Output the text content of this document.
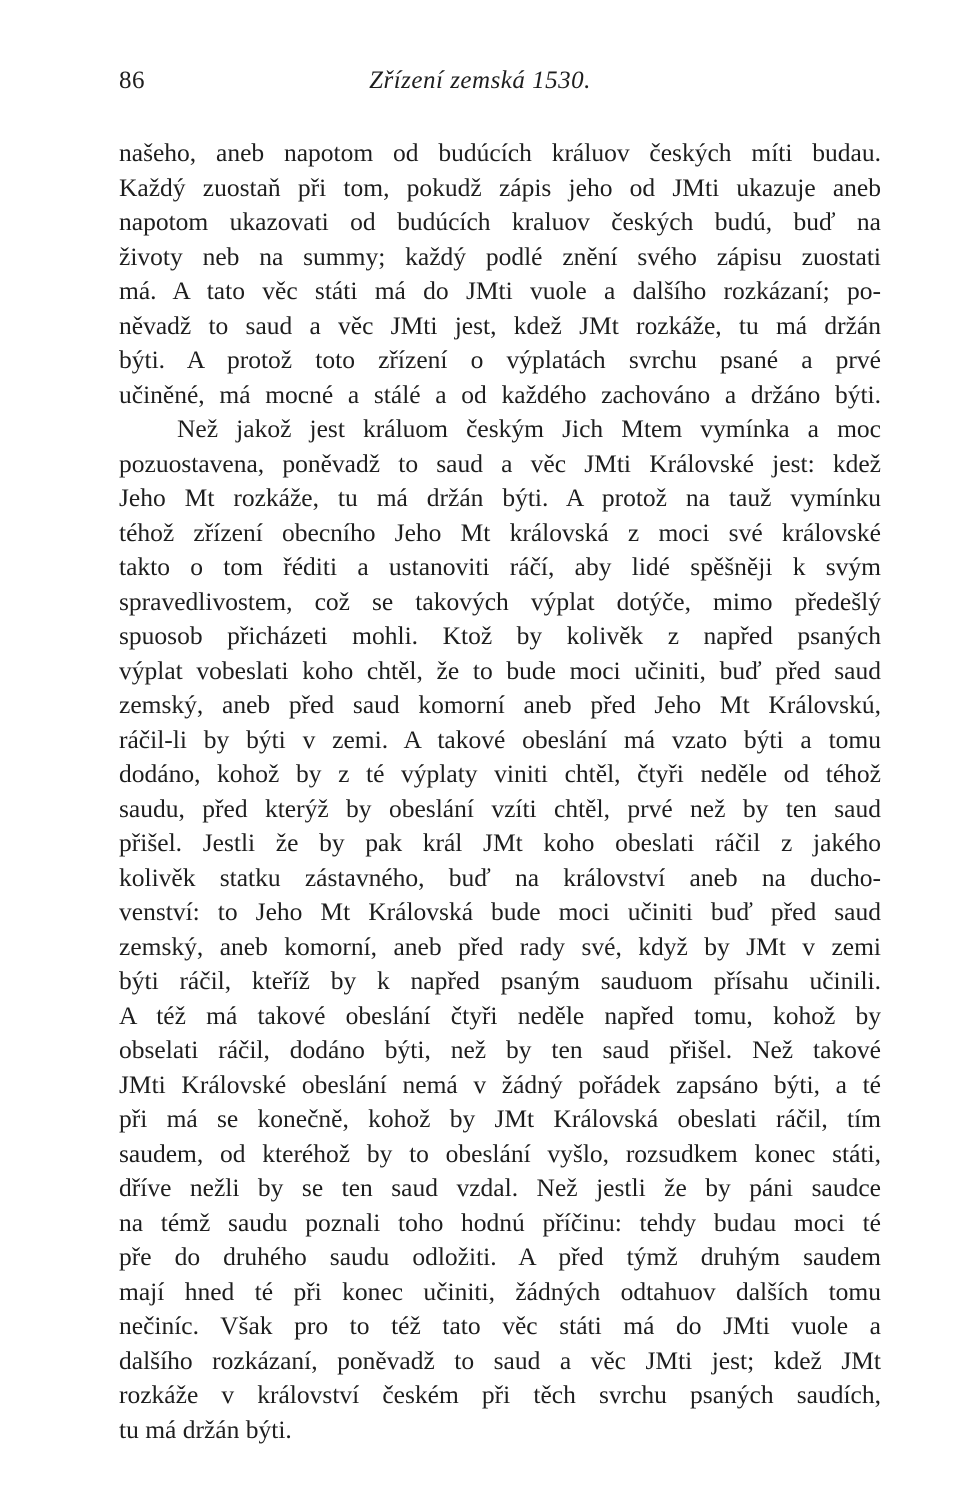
86	Zřízení zemská 1530.
našeho, aneb napotom od budúcích králuov českých míti budau.
Každý zuostaň při tom, pokudž zápis jeho od JMti ukazuje aneb
napotom ukazovati od budúcích kraluov českých budú, buď na
životy neb na summy; každý podlé znění svého zápisu zuostati
má. A tato věc státi má do JMti vuole a dalšího rozkázaní; po-
něvadž to saud a věc JMti jest, kdež JMt rozkáže, tu má držán
býti. A protož toto zřízení o výplatách svrchu psané a prvé
učiněné, má mocné a stálé a od každého zachováno a držáno býti.
Než jakož jest králuom českým Jich Mtem vymínka a moc
pozuostavena, poněvadž to saud a věc JMti Královské jest: kdež
Jeho Mt rozkáže, tu má držán býti. A protož na tauž vymínku
téhož zřízení obecního Jeho Mt královská z moci své královské
takto o tom řéditi a ustanoviti ráčí, aby lidé spěšněji k svým
spravedlivostem, což se takových výplat dotýče, mimo předešlý
spuosob přicházeti mohli. Ktož by kolivěk z napřed psaných
výplat vobeslati koho chtěl, že to bude moci učiniti, buď před saud
zemský, aneb před saud komorní aneb před Jeho Mt Královskú,
ráčil-li by býti v zemi. A takové obeslání má vzato býti a tomu
dodáno, kohož by z té výplaty viniti chtěl, čtyři neděle od téhož
saudu, před kterýž by obeslání vzíti chtěl, prvé než by ten saud
přišel. Jestli že by pak král JMt koho obeslati ráčil z jakého
kolivěk statku zástavného, buď na království aneb na ducho-
venství: to Jeho Mt Královská bude moci učiniti buď před saud
zemský, aneb komorní, aneb před rady své, když by JMt v zemi
býti ráčil, kteříž by k napřed psaným sauduom přísahu učinili.
A též má takové obeslání čtyři neděle napřed tomu, kohož by
obselati ráčil, dodáno býti, než by ten saud přišel. Než takové
JMti Královské obeslání nemá v žádný pořádek zapsáno býti, a té
při má se konečně, kohož by JMt Královská obeslati ráčil, tím
saudem, od kteréhož by to obeslání vyšlo, rozsudkem konec státi,
dříve nežli by se ten saud vzdal. Než jestli že by páni saudce
na témž saudu poznali toho hodnú příčinu: tehdy budau moci té
pře do druhého saudu odložiti. A před týmž druhým saudem
mají hned té při konec učiniti, žádných odtahuov dalších tomu
nečiníc. Však pro to též tato věc státi má do JMti vuole a
dalšího rozkázaní, poněvadž to saud a věc JMti jest; kdež JMt
rozkáže v království českém při těch svrchu psaných saudích,
tu má držán býti.
